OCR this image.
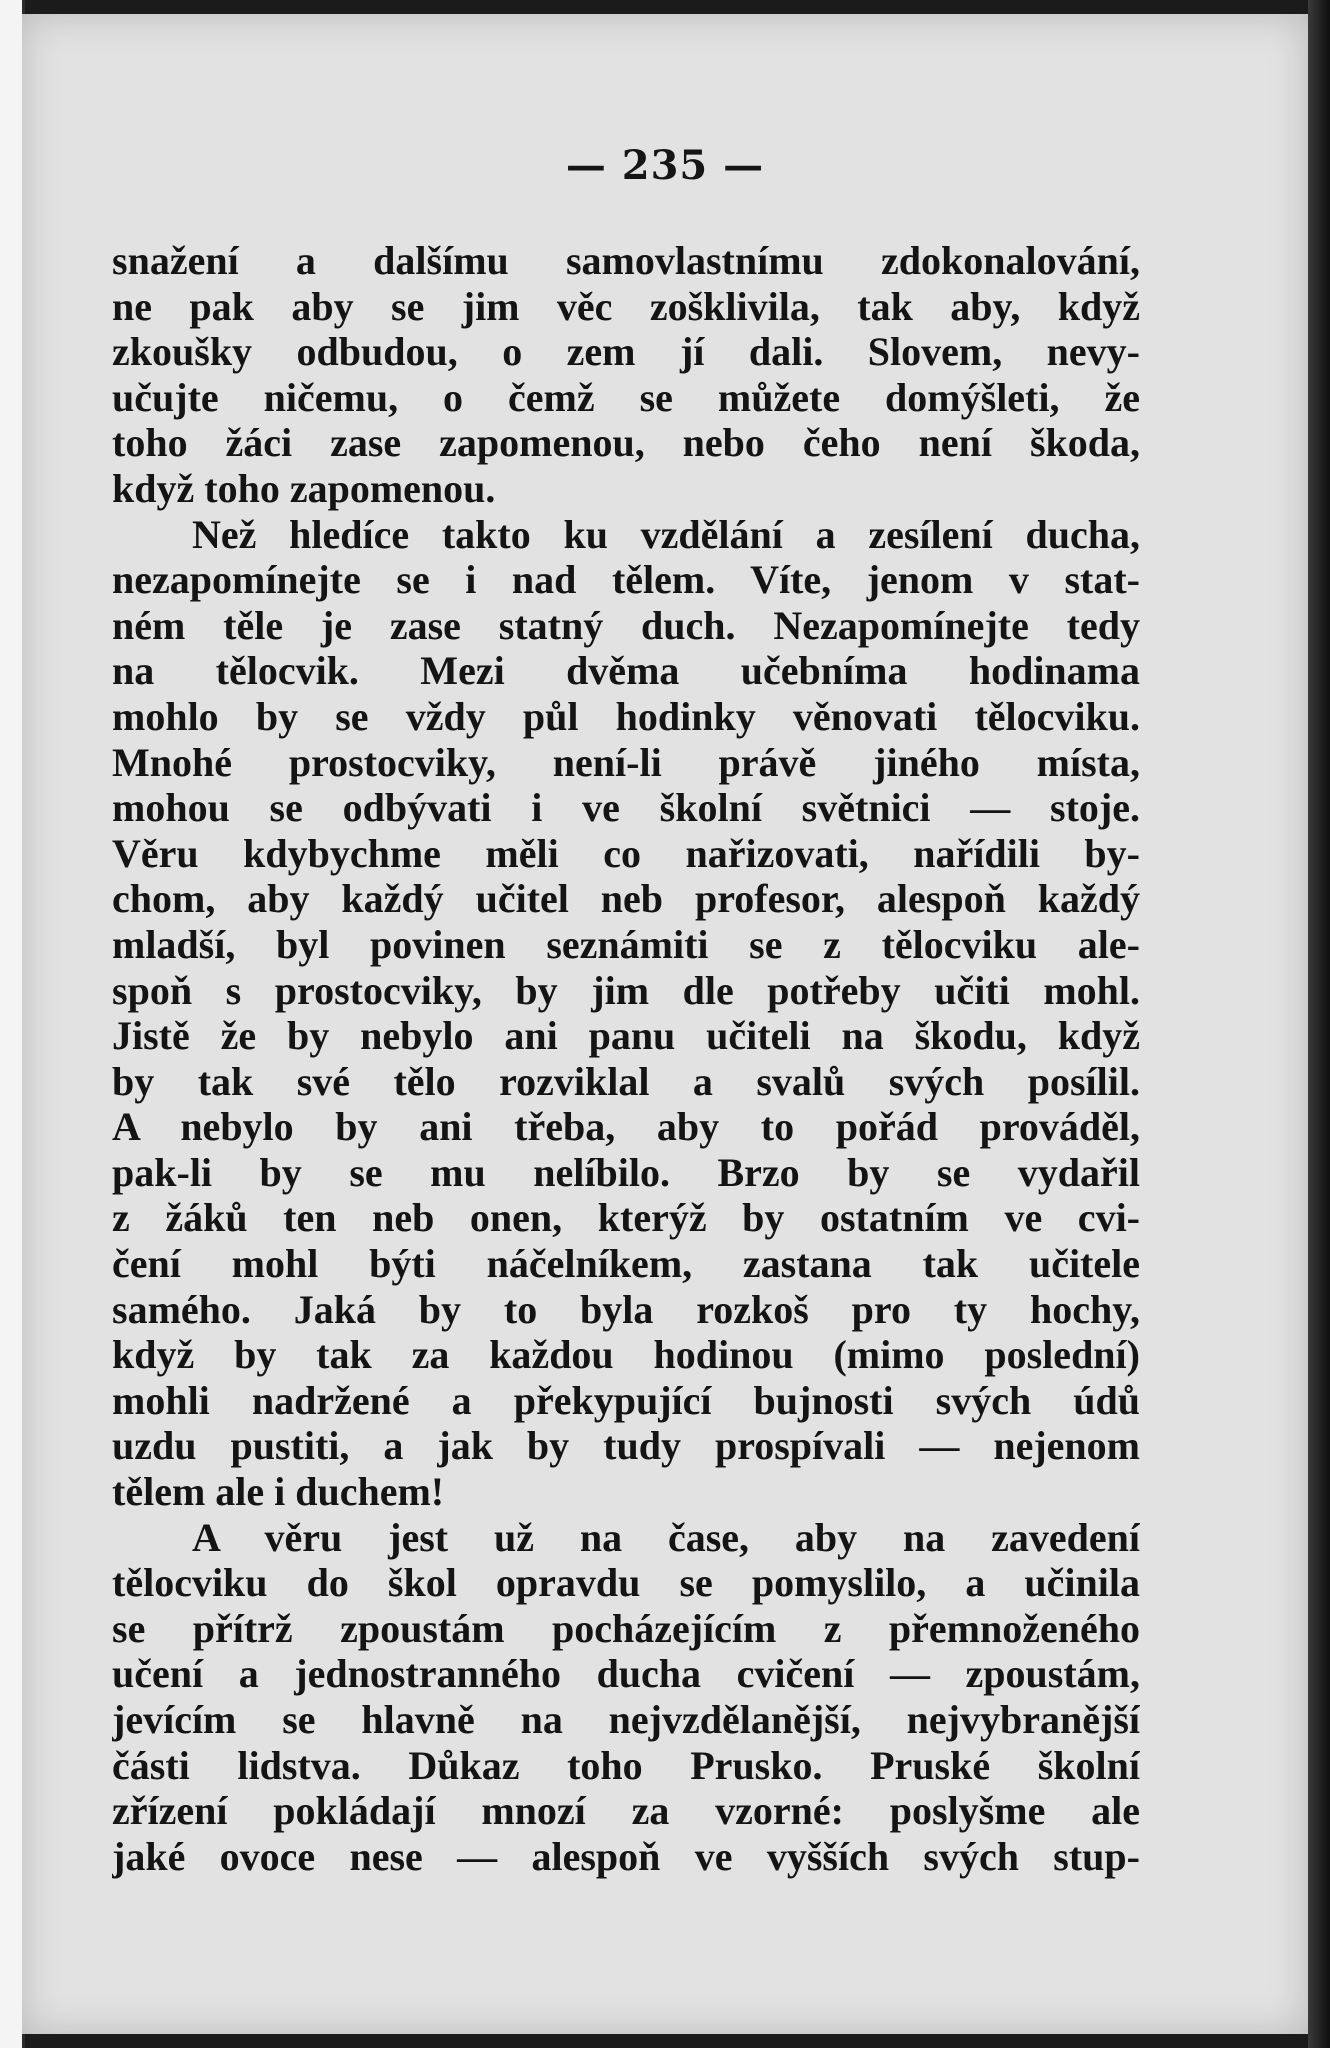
— 235 —
snažení a dalšímu samovlastnímu zdokonalování,
ne pak aby se jim věc zošklivila, tak aby, když
zkoušky odbudou, o zem jí dali. Slovem, nevy-
učujte ničemu, o čemž se můžete domýšleti, že
toho žáci zase zapomenou, nebo čeho není škoda,
když toho zapomenou.
Než hledíce takto ku vzdělání a zesílení ducha,
nezapomínejte se i nad tělem. Víte, jenom v stat-
ném těle je zase statný duch. Nezapomínejte tedy
na tělocvik. Mezi dvěma učebníma hodinama
mohlo by se vždy půl hodinky věnovati tělocviku.
Mnohé prostocviky, není-li právě jiného místa,
mohou se odbývati i ve školní světnici — stoje.
Věru kdybychme měli co nařizovati, nařídili by-
chom, aby každý učitel neb profesor, alespoň každý
mladší, byl povinen seznámiti se z tělocviku ale-
spoň s prostocviky, by jim dle potřeby učiti mohl.
Jistě že by nebylo ani panu učiteli na škodu, když
by tak své tělo rozviklal a svalů svých posílil.
A nebylo by ani třeba, aby to pořád prováděl,
pak-li by se mu nelíbilo. Brzo by se vydařil
z žáků ten neb onen, kterýž by ostatním ve cvi-
čení mohl býti náčelníkem, zastana tak učitele
samého. Jaká by to byla rozkoš pro ty hochy,
když by tak za každou hodinou (mimo poslední)
mohli nadržené a překypující bujnosti svých údů
uzdu pustiti, a jak by tudy prospívali — nejenom
tělem ale i duchem!
A věru jest už na čase, aby na zavedení
tělocviku do škol opravdu se pomyslilo, a učinila
se přítrž zpoustám pocházejícím z přemnoženého
učení a jednostranného ducha cvičení — zpoustám,
jevícím se hlavně na nejvzdělanější, nejvybranější
části lidstva. Důkaz toho Prusko. Pruské školní
zřízení pokládají mnozí za vzorné: poslyšme ale
jaké ovoce nese — alespoň ve vyšších svých stup-
